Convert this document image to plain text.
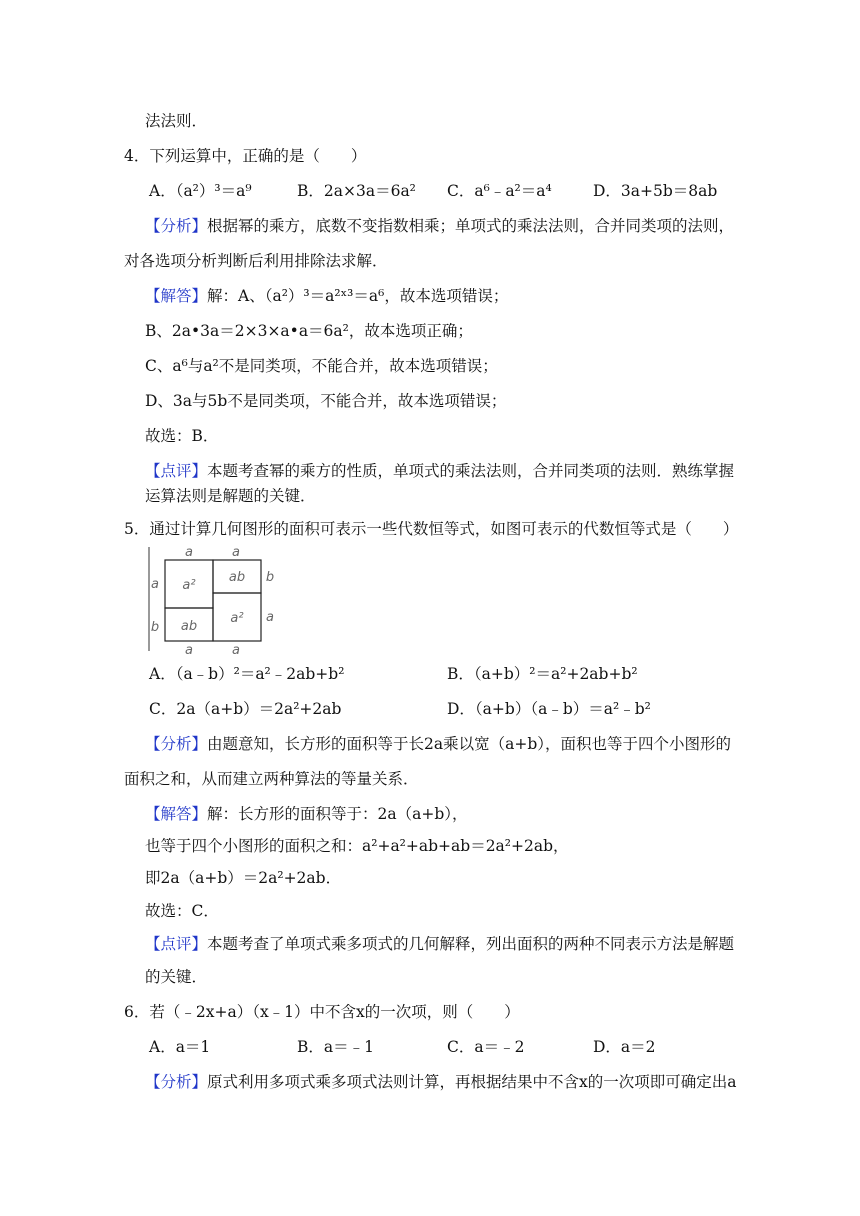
法法则．
4．下列运算中，正确的是（　　）
A．（a²）³＝a⁹	B．2a×3a＝6a² C．a⁶﹣a²＝a⁴	D．3a+5b＝8ab
【分析】根据幂的乘方，底数不变指数相乘；单项式的乘法法则，合并同类项的法则，
对各选项分析判断后利用排除法求解．
【解答】解：A、（a²）³＝a²ˣ³＝a⁶，故本选项错误；
B、2a•3a＝2×3×a•a＝6a²，故本选项正确；
C、a⁶与a²不是同类项，不能合并，故本选项错误；
D、3a与5b不是同类项，不能合并，故本选项错误；
故选：B．
【点评】本题考查幂的乘方的性质，单项式的乘法法则，合并同类项的法则．熟练掌握
运算法则是解题的关键．
5．通过计算几何图形的面积可表示一些代数恒等式，如图可表示的代数恒等式是（　　）
a	a
a
b
b
a
a	a
a²
ab
ab
a²
A．（a﹣b）²＝a²﹣2ab+b²	B．（a+b）²＝a²+2ab+b²
C．2a（a+b）＝2a²+2ab	D．（a+b）（a﹣b）＝a²﹣b²
【分析】由题意知，长方形的面积等于长2a乘以宽（a+b），面积也等于四个小图形的
面积之和，从而建立两种算法的等量关系．
【解答】解：长方形的面积等于：2a（a+b），
也等于四个小图形的面积之和：a²+a²+ab+ab＝2a²+2ab，
即2a（a+b）＝2a²+2ab．
故选：C．
【点评】本题考查了单项式乘多项式的几何解释，列出面积的两种不同表示方法是解题
的关键．
6．若（﹣2x+a）（x﹣1）中不含x的一次项，则（　　）
A．a＝1	B．a＝﹣1	C．a＝﹣2	D．a＝2
【分析】原式利用多项式乘多项式法则计算，再根据结果中不含x的一次项即可确定出a
